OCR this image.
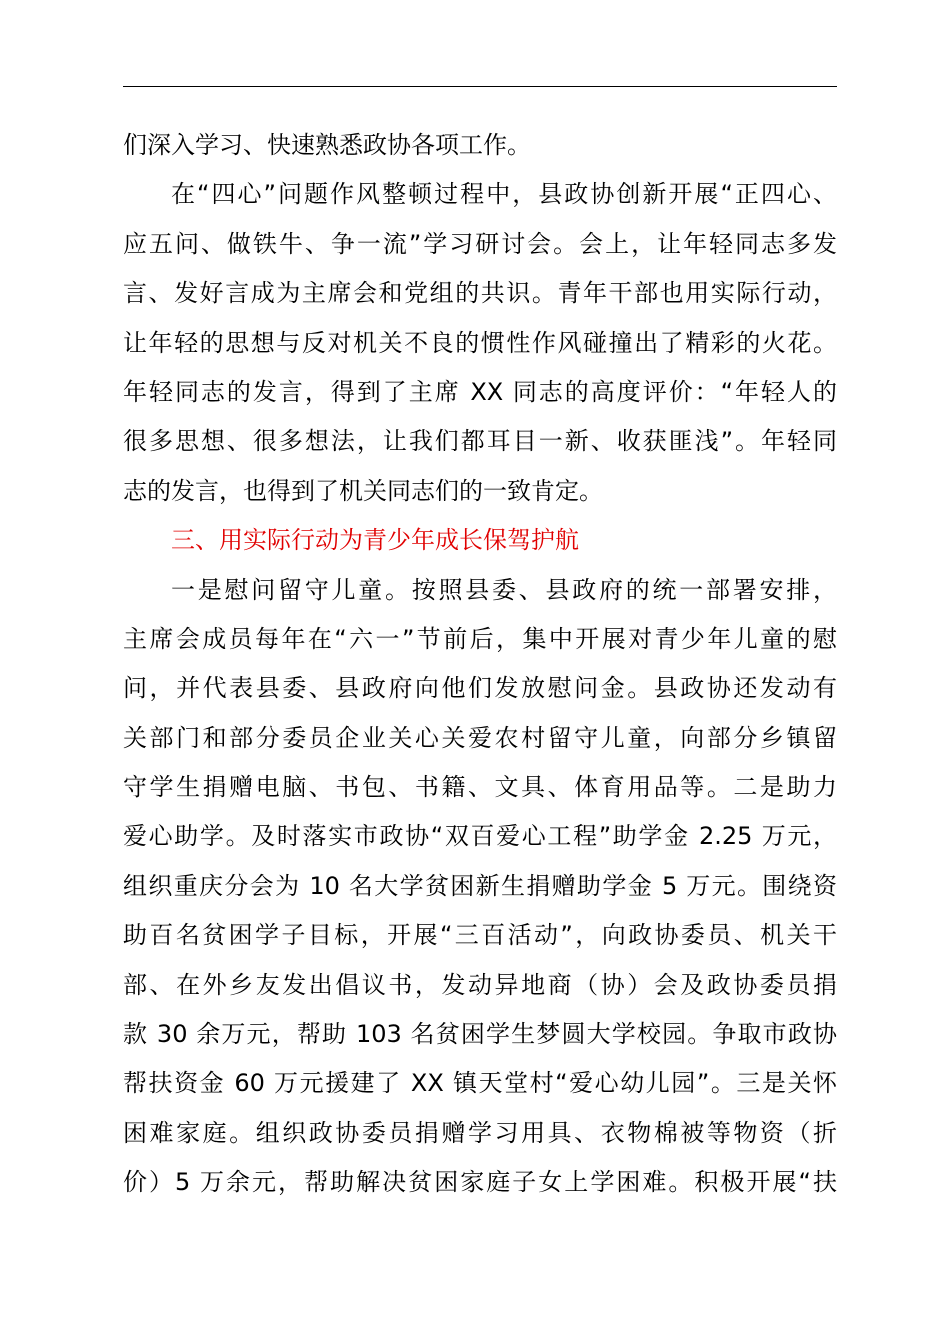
们深入学习、快速熟悉政协各项工作。
在“四心”问题作风整顿过程中，县政协创新开展“正四心、
应五问、做铁牛、争一流”学习研讨会。会上，让年轻同志多发
言、发好言成为主席会和党组的共识。青年干部也用实际行动，
让年轻的思想与反对机关不良的惯性作风碰撞出了精彩的火花。
年轻同志的发言，得到了主席 XX 同志的高度评价：“年轻人的
很多思想、很多想法，让我们都耳目一新、收获匪浅”。年轻同
志的发言，也得到了机关同志们的一致肯定。
三、用实际行动为青少年成长保驾护航
一是慰问留守儿童。按照县委、县政府的统一部署安排，
主席会成员每年在“六一”节前后，集中开展对青少年儿童的慰
问，并代表县委、县政府向他们发放慰问金。县政协还发动有
关部门和部分委员企业关心关爱农村留守儿童，向部分乡镇留
守学生捐赠电脑、书包、书籍、文具、体育用品等。二是助力
爱心助学。及时落实市政协“双百爱心工程”助学金 2.25 万元，
组织重庆分会为 10 名大学贫困新生捐赠助学金 5 万元。围绕资
助百名贫困学子目标，开展“三百活动”，向政协委员、机关干
部、在外乡友发出倡议书，发动异地商（协）会及政协委员捐
款 30 余万元，帮助 103 名贫困学生梦圆大学校园。争取市政协
帮扶资金 60 万元援建了 XX 镇天堂村“爱心幼儿园”。三是关怀
困难家庭。组织政协委员捐赠学习用具、衣物棉被等物资（折
价）5 万余元，帮助解决贫困家庭子女上学困难。积极开展“扶
